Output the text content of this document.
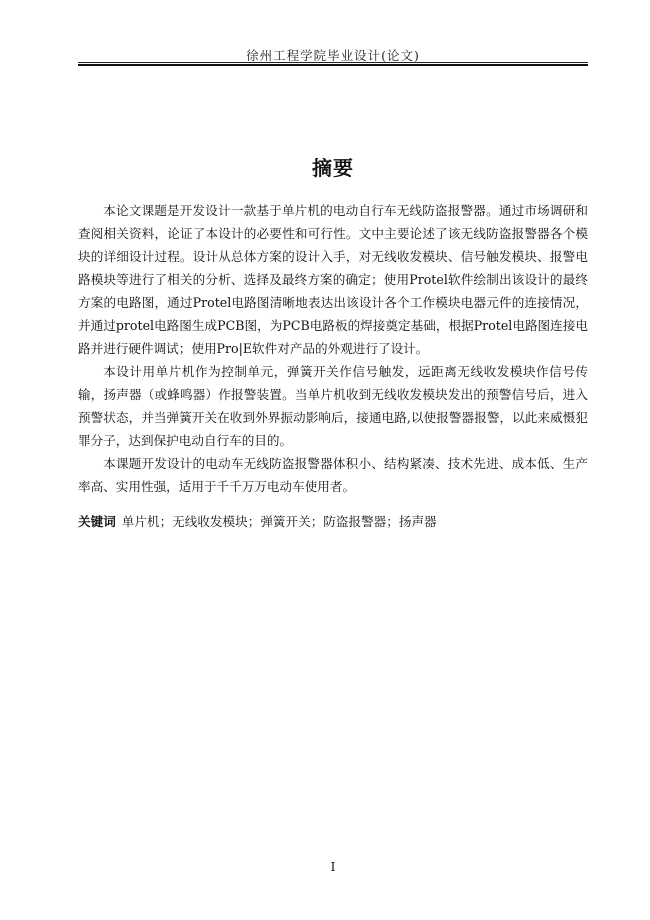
徐州工程学院毕业设计(论文)
摘要

本论文课题是开发设计一款基于单片机的电动自行车无线防盗报警器。通过市场调研和查阅相关资料，论证了本设计的必要性和可行性。文中主要论述了该无线防盗报警器各个模块的详细设计过程。设计从总体方案的设计入手，对无线收发模块、信号触发模块、报警电路模块等进行了相关的分析、选择及最终方案的确定；使用Protel软件绘制出该设计的最终方案的电路图，通过Protel电路图清晰地表达出该设计各个工作模块电器元件的连接情况，并通过protel电路图生成PCB图，为PCB电路板的焊接奠定基础，根据Protel电路图连接电路并进行硬件调试；使用Pro|E软件对产品的外观进行了设计。

本设计用单片机作为控制单元，弹簧开关作信号触发，远距离无线收发模块作信号传输，扬声器（或蜂鸣器）作报警装置。当单片机收到无线收发模块发出的预警信号后，进入预警状态，并当弹簧开关在收到外界振动影响后，接通电路,以使报警器报警，以此来威慑犯罪分子，达到保护电动自行车的目的。

本课题开发设计的电动车无线防盗报警器体积小、结构紧凑、技术先进、成本低、生产率高、实用性强，适用于千千万万电动车使用者。

关键词 单片机；无线收发模块；弹簧开关；防盗报警器；扬声器
I
